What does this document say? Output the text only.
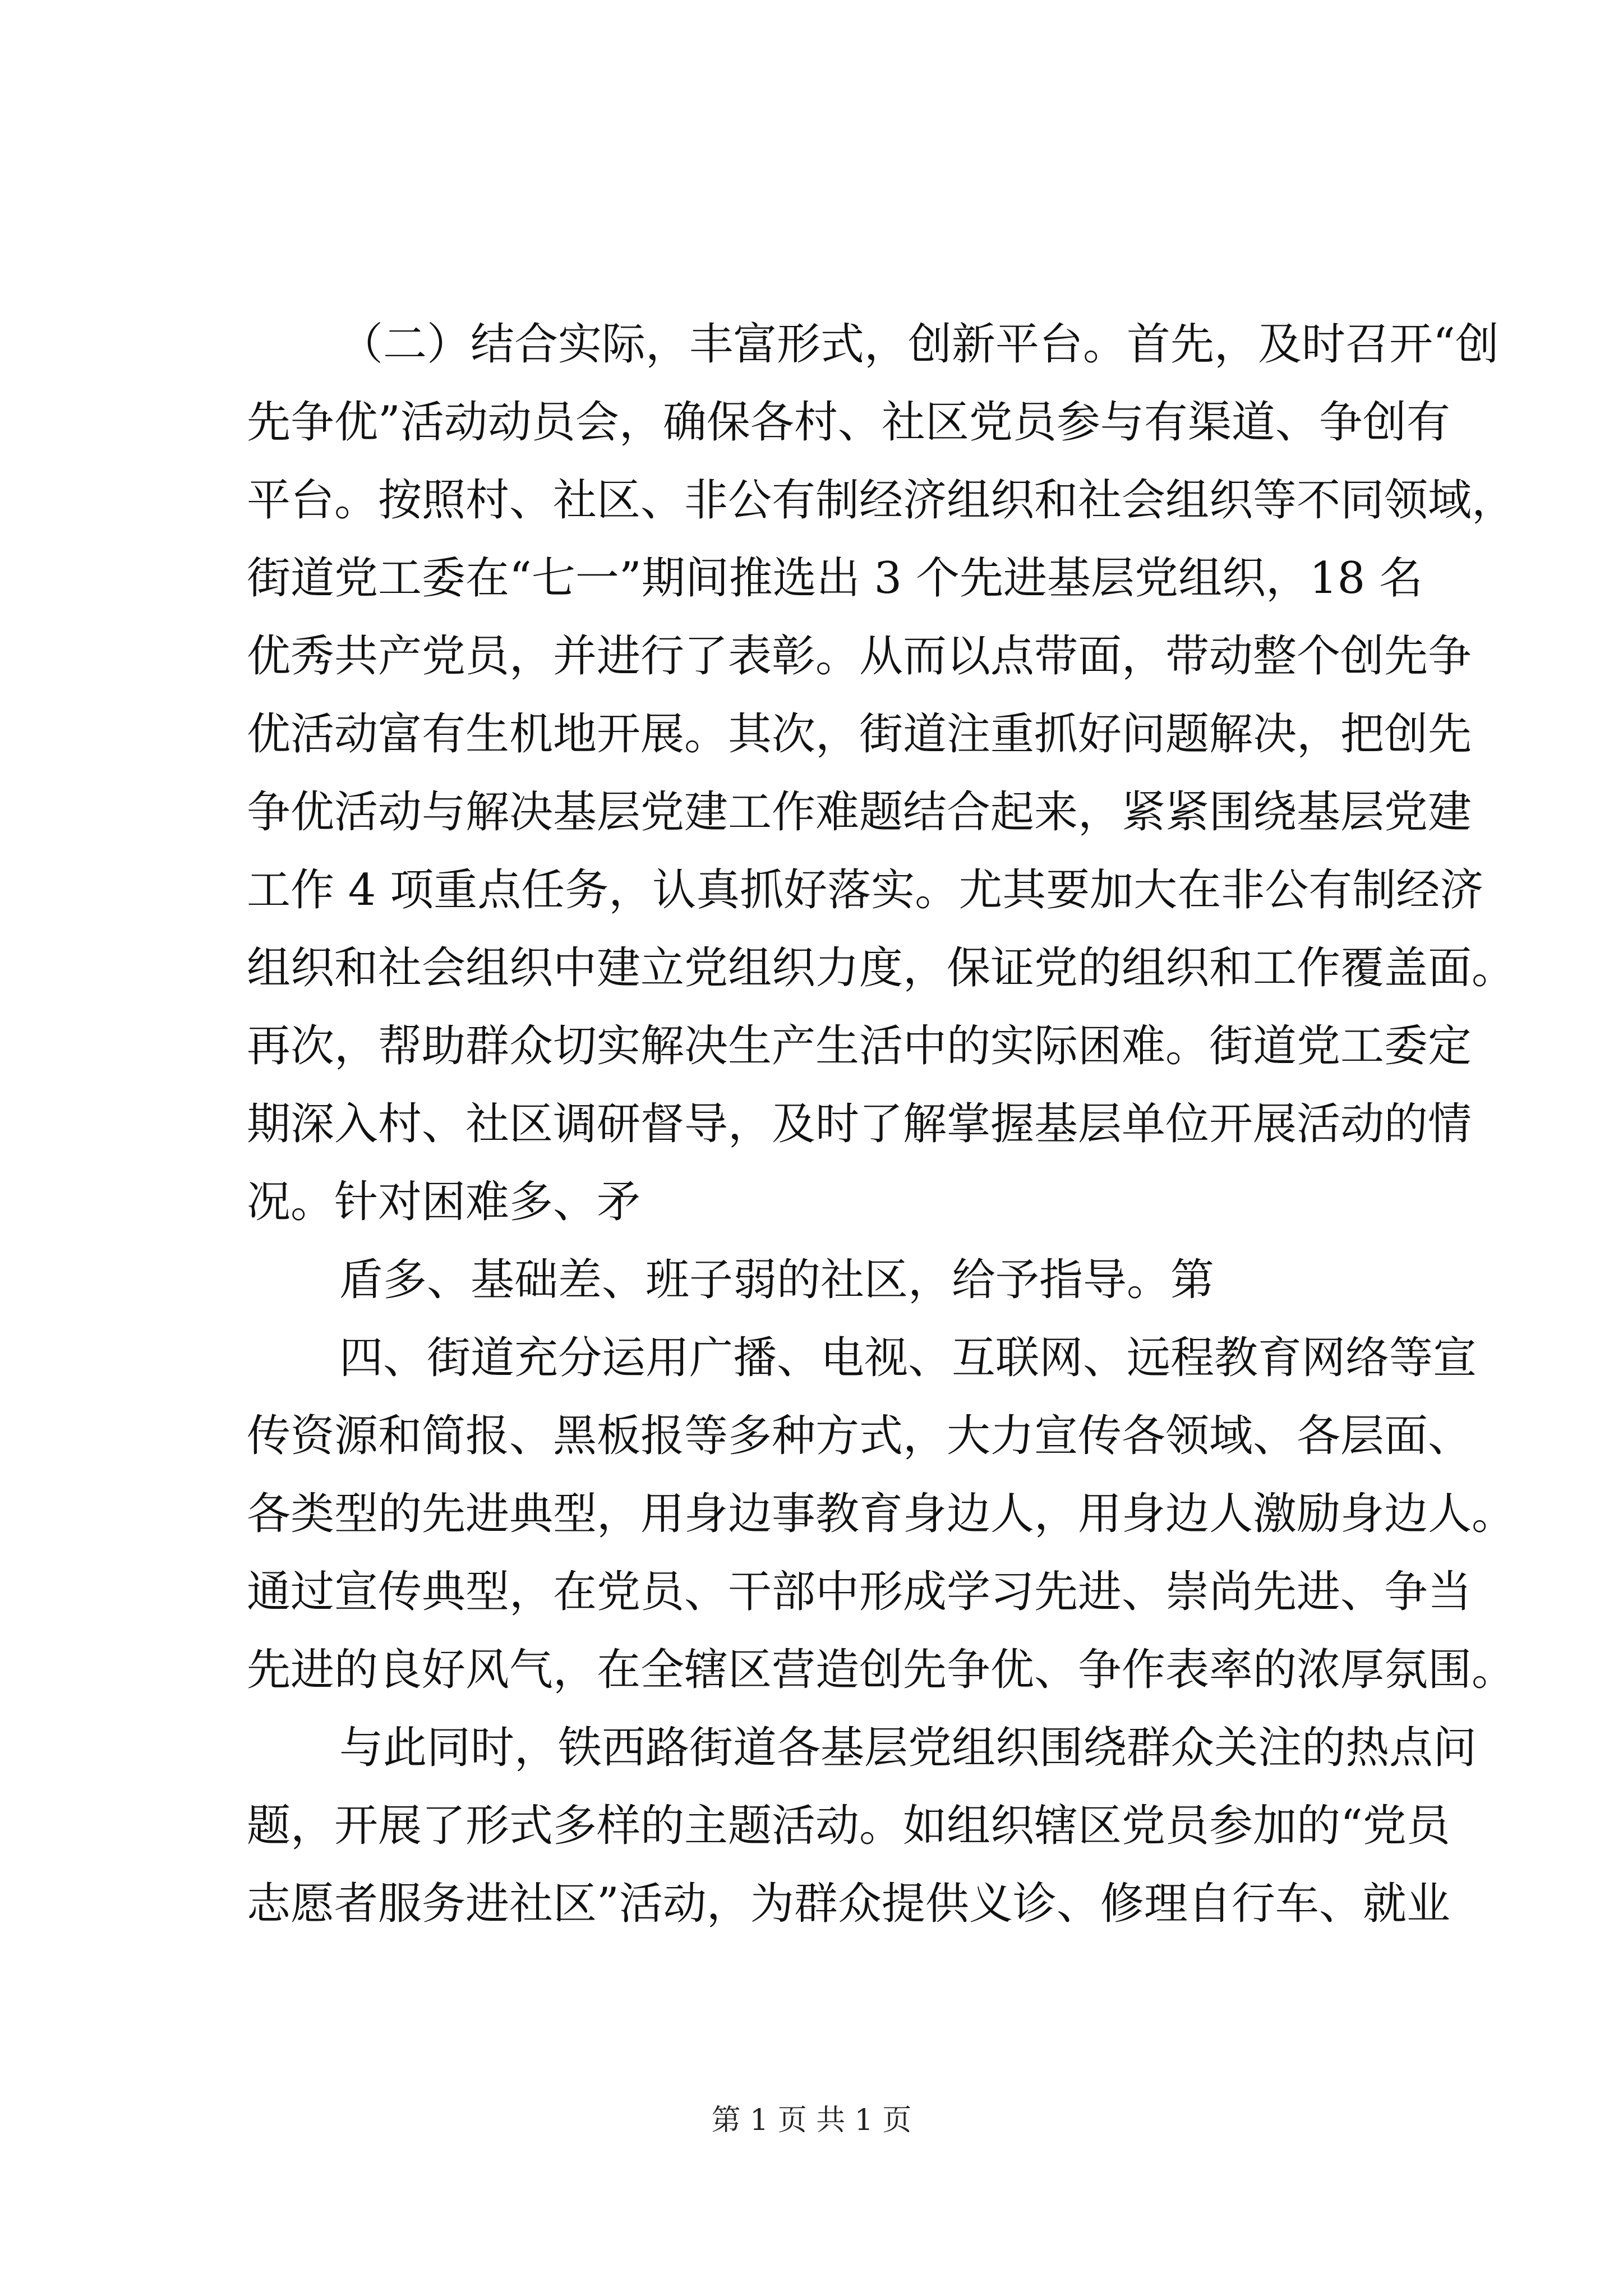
（二）结合实际，丰富形式，创新平台。首先，及时召开“创
先争优”活动动员会，确保各村、社区党员参与有渠道、争创有
平台。按照村、社区、非公有制经济组织和社会组织等不同领域，
街道党工委在“七一”期间推选出 3 个先进基层党组织，18 名
优秀共产党员，并进行了表彰。从而以点带面，带动整个创先争
优活动富有生机地开展。其次，街道注重抓好问题解决，把创先
争优活动与解决基层党建工作难题结合起来，紧紧围绕基层党建
工作 4 项重点任务，认真抓好落实。尤其要加大在非公有制经济
组织和社会组织中建立党组织力度，保证党的组织和工作覆盖面。
再次，帮助群众切实解决生产生活中的实际困难。街道党工委定
期深入村、社区调研督导，及时了解掌握基层单位开展活动的情
况。针对困难多、矛
盾多、基础差、班子弱的社区，给予指导。第
四、街道充分运用广播、电视、互联网、远程教育网络等宣
传资源和简报、黑板报等多种方式，大力宣传各领域、各层面、
各类型的先进典型，用身边事教育身边人，用身边人激励身边人。
通过宣传典型，在党员、干部中形成学习先进、崇尚先进、争当
先进的良好风气，在全辖区营造创先争优、争作表率的浓厚氛围。
与此同时，铁西路街道各基层党组织围绕群众关注的热点问
题，开展了形式多样的主题活动。如组织辖区党员参加的“党员
志愿者服务进社区”活动，为群众提供义诊、修理自行车、就业
第 1 页 共 1 页
